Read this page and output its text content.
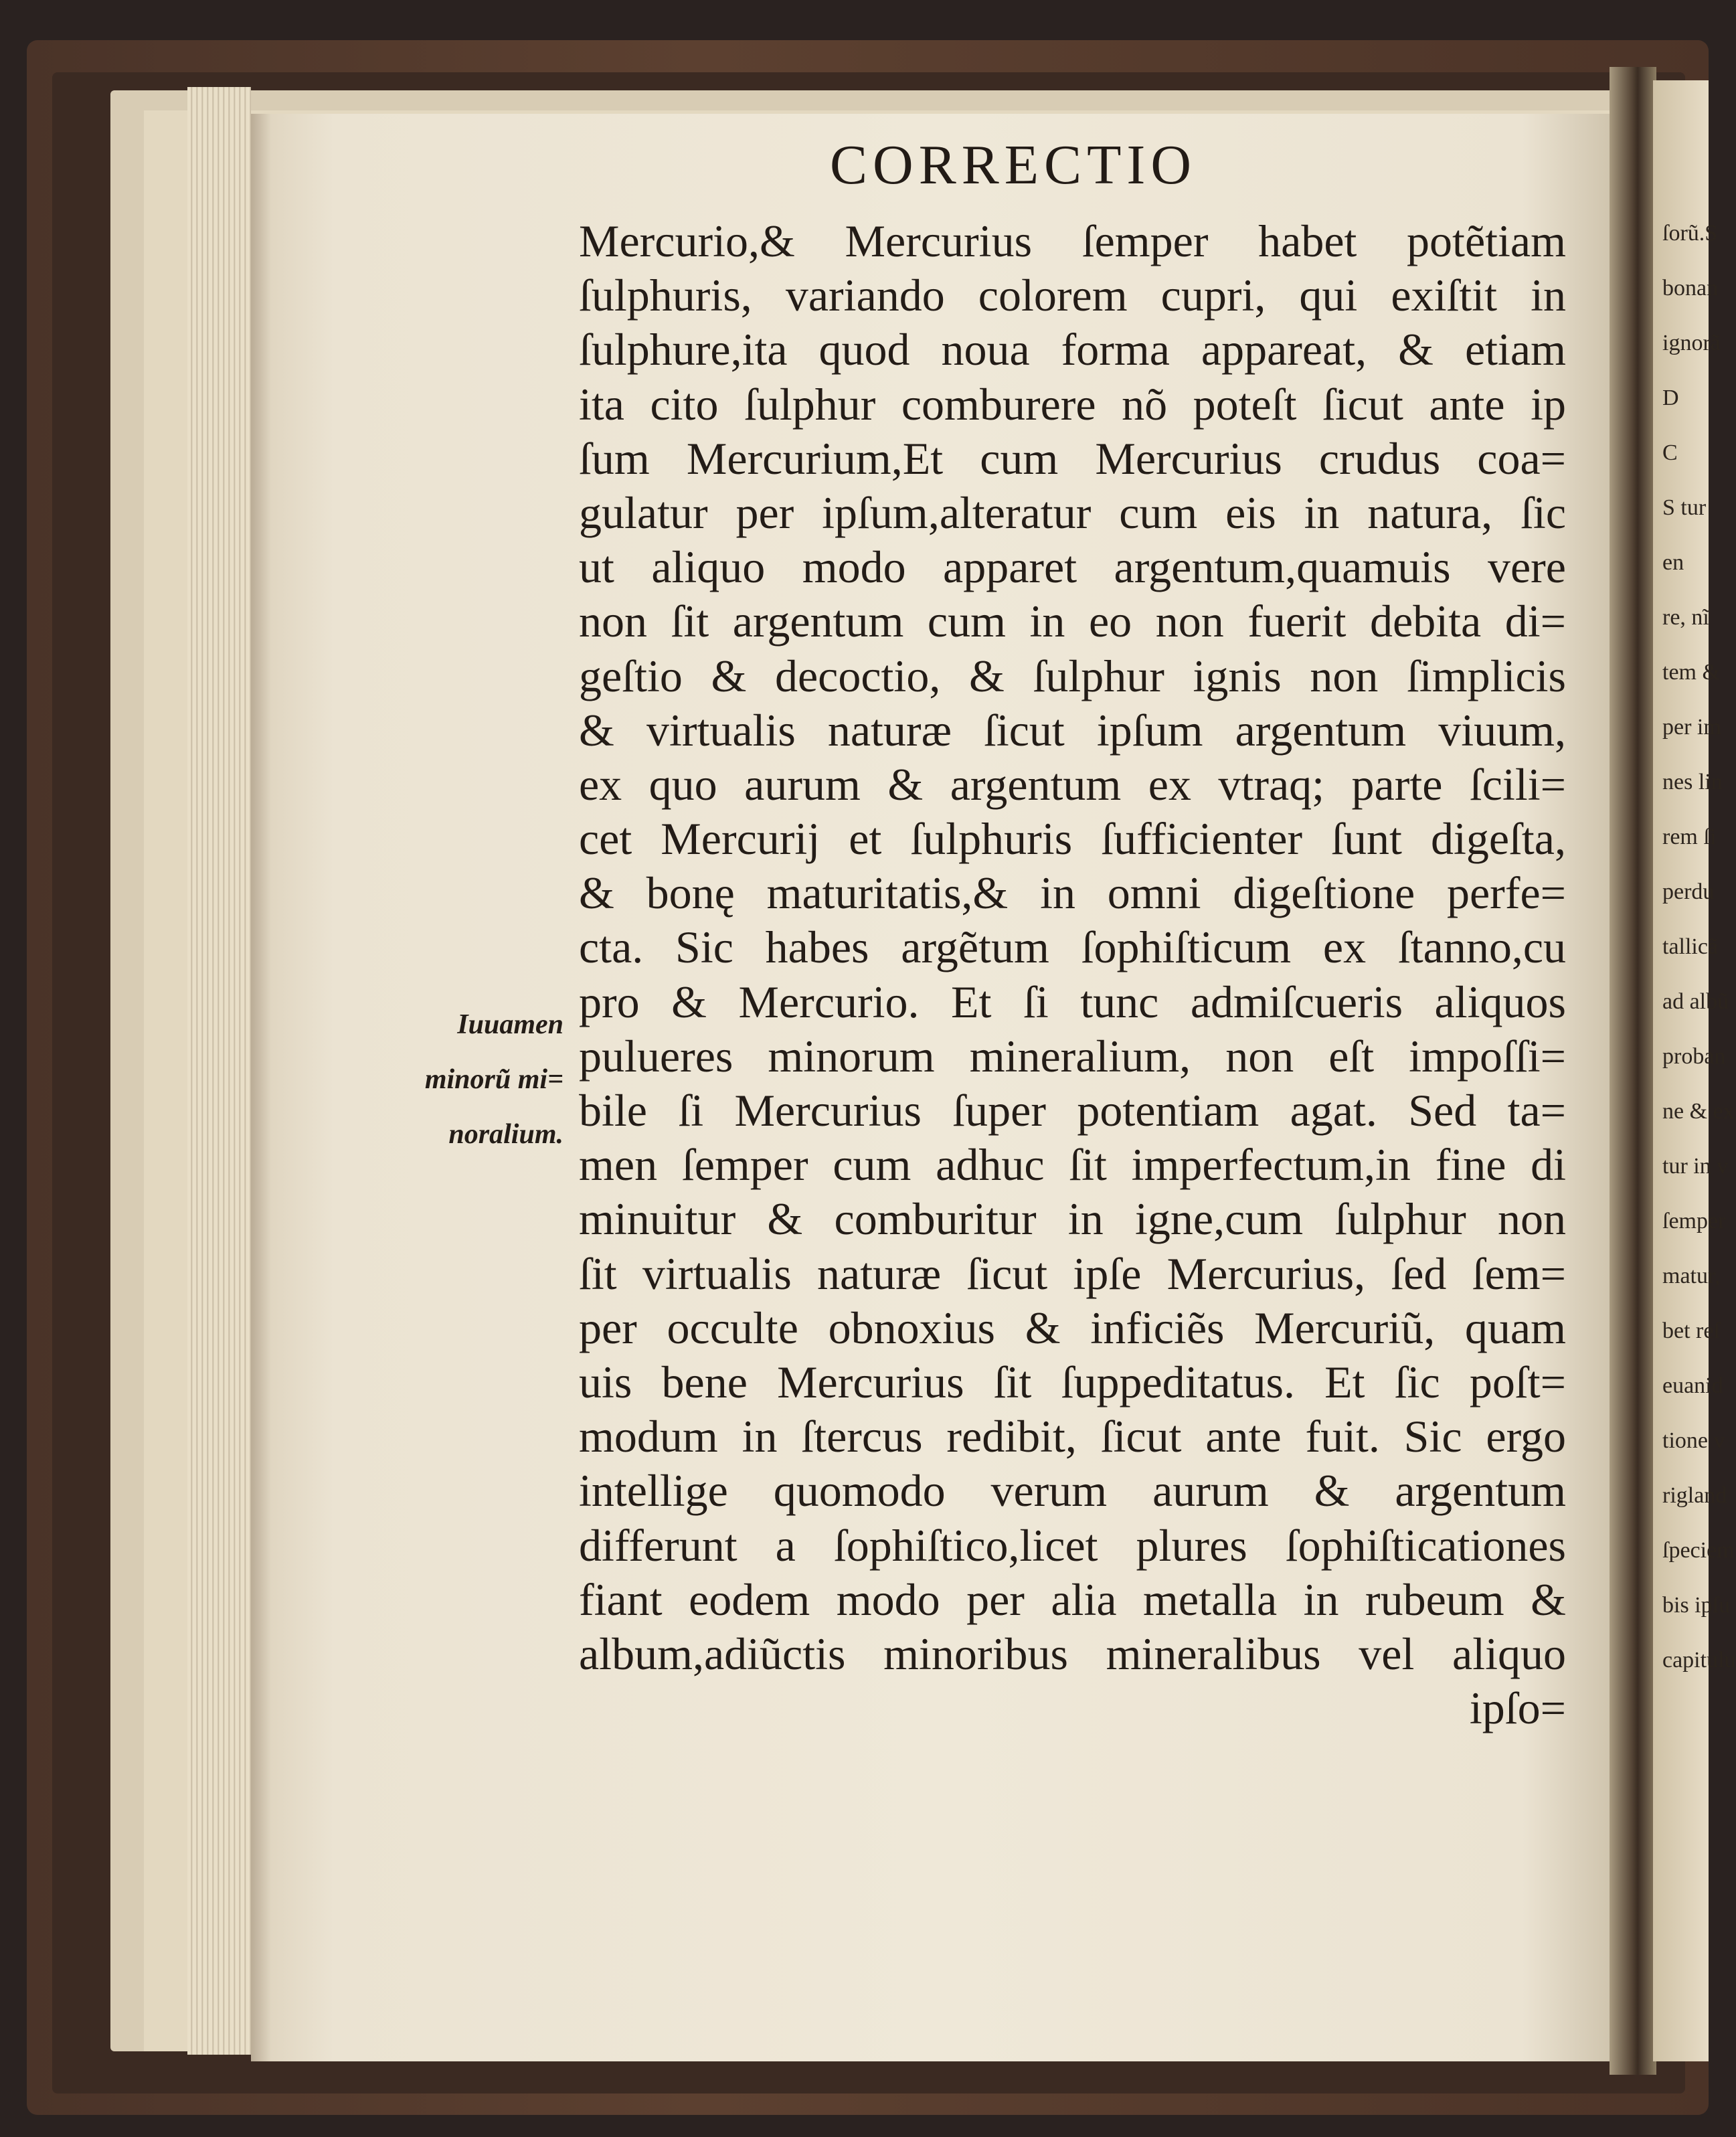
CORRECTIO
Iuuamen
minorũ mi=
noralium.
Mercurio,& Mercurius ſemper habet potẽtiam
ſulphuris, variando colorem cupri, qui exiſtit in
ſulphure,ita quod noua forma appareat, & etiam
ita cito ſulphur comburere nõ poteſt ſicut ante ip
ſum Mercurium,Et cum Mercurius crudus coa=
gulatur per ipſum,alteratur cum eis in natura, ſic
ut aliquo modo apparet argentum,quamuis vere
non ſit argentum cum in eo non fuerit debita di=
geſtio & decoctio, & ſulphur ignis non ſimplicis
& virtualis naturæ ſicut ipſum argentum viuum,
ex quo aurum & argentum ex vtraq; parte ſcili=
cet Mercurij et ſulphuris ſufficienter ſunt digeſta,
& bonę maturitatis,& in omni digeſtione perfe=
cta. Sic habes argẽtum ſophiſticum ex ſtanno,cu
pro & Mercurio. Et ſi tunc admiſcueris aliquos
pulueres minorum mineralium, non eſt impoſſi=
bile ſi Mercurius ſuper potentiam agat. Sed ta=
men ſemper cum adhuc ſit imperfectum,in fine di
minuitur & comburitur in igne,cum ſulphur non
ſit virtualis naturæ ſicut ipſe Mercurius, ſed ſem=
per occulte obnoxius & inficiẽs Mercuriũ, quam
uis bene Mercurius ſit ſuppeditatus. Et ſic poſt=
modum in ſtercus redibit, ſicut ante fuit. Sic ergo
intellige quomodo verum aurum & argentum
differunt a ſophiſtico,licet plures ſophiſticationes
fiant eodem modo per alia metalla in rubeum &
album,adiũctis minoribus mineralibus vel aliquo
ipſo=
ſorũ.S
bonan
ignorã
D
C
S tur
en
re, nĩ
tem &
per im
nes lin
rem ſi
perdu
tallicã
ad albũ
proban
ne & ex
tur in v
ſemper
matur,
bet reſ
euanid
tione v
rigland
ſpeciem
bis ipſu
capitulu
